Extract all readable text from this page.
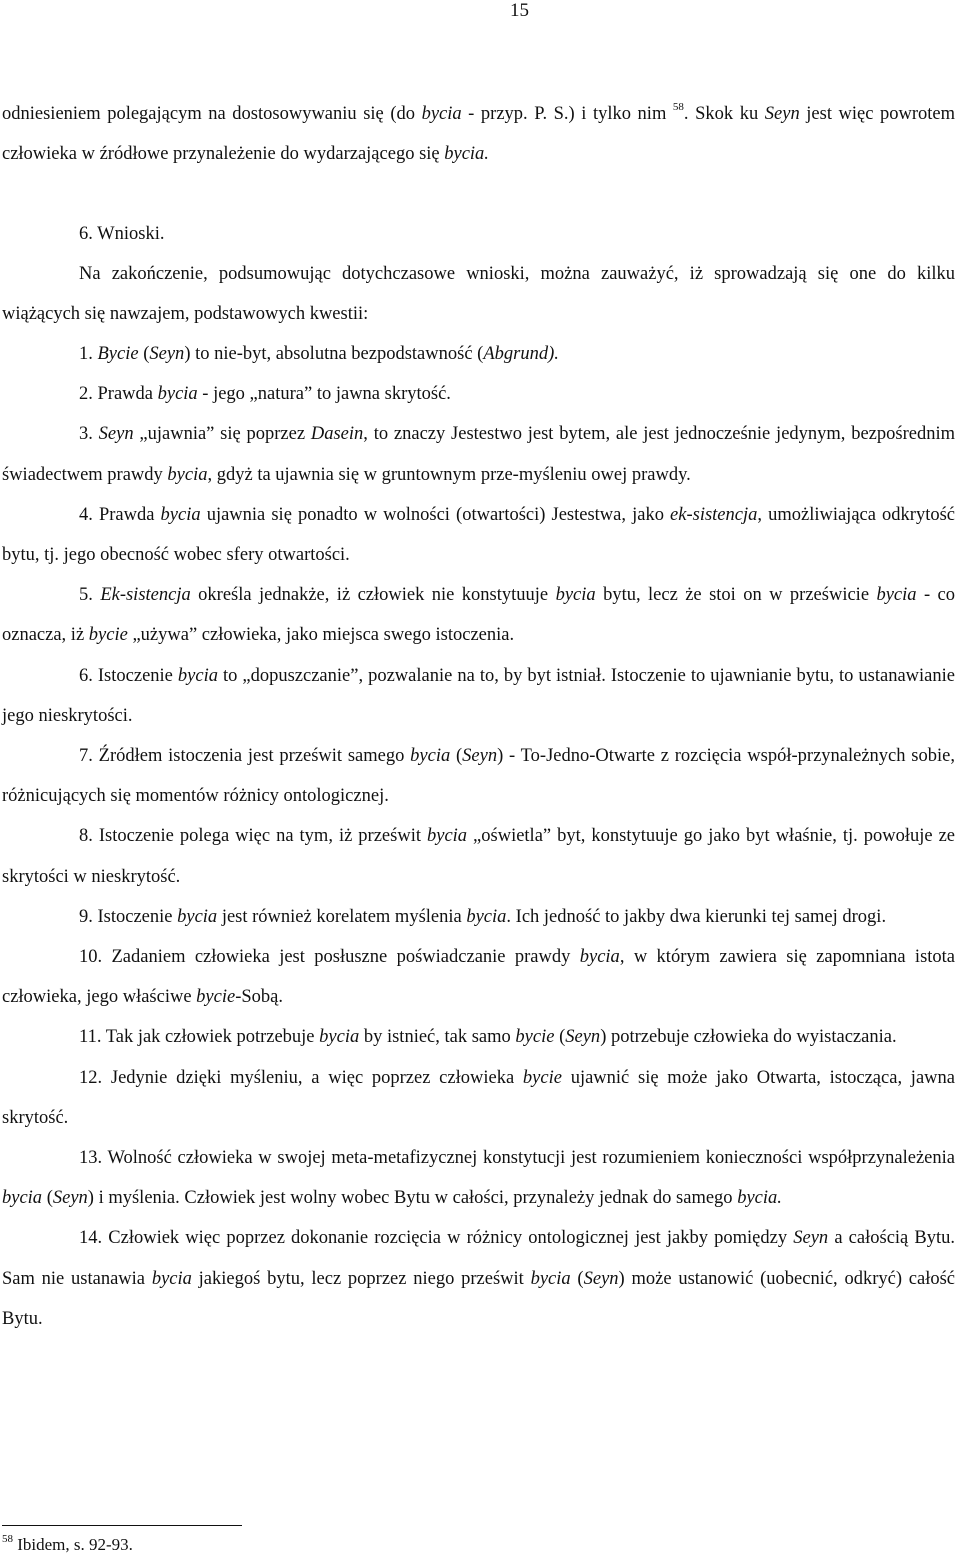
15

odniesieniem polegającym na dostosowywaniu się (do bycia - przyp. P. S.) i tylko nim $^{58}$. Skok ku Seyn jest więc powrotem człowieka w źródłowe przynależenie do wydarzającego się bycia.

6. Wnioski.

Na zakończenie, podsumowując dotychczasowe wnioski, można zauważyć, iż sprowadzają się one do kilku wiążących się nawzajem, podstawowych kwestii:

1. Bycie (Seyn) to nie-byt, absolutna bezpodstawność (Abgrund).

2. Prawda bycia - jego „natura” to jawna skrytość.

3. Seyn „ujawnia” się poprzez Dasein, to znaczy Jestestwo jest bytem, ale jest jednocześnie jedynym, bezpośrednim świadectwem prawdy bycia, gdyż ta ujawnia się w gruntownym prze-myśleniu owej prawdy.

4. Prawda bycia ujawnia się ponadto w wolności (otwartości) Jestestwa, jako ek-sistencja, umożliwiająca odkrytość bytu, tj. jego obecność wobec sfery otwartości.

5. Ek-sistencja określa jednakże, iż człowiek nie konstytuuje bycia bytu, lecz że stoi on w prześwicie bycia - co oznacza, iż bycie „używa” człowieka, jako miejsca swego istoczenia.

6. Istoczenie bycia to „dopuszczanie”, pozwalanie na to, by byt istniał. Istoczenie to ujawnianie bytu, to ustanawianie jego nieskrytości.

7. Źródłem istoczenia jest prześwit samego bycia (Seyn) - To-Jedno-Otwarte z rozcięcia współ-przynależnych sobie, różnicujących się momentów różnicy ontologicznej.

8. Istoczenie polega więc na tym, iż prześwit bycia „oświetla” byt, konstytuuje go jako byt właśnie, tj. powołuje ze skrytości w nieskrytość.

9. Istoczenie bycia jest również korelatem myślenia bycia. Ich jedność to jakby dwa kierunki tej samej drogi.

10. Zadaniem człowieka jest posłuszne poświadczanie prawdy bycia, w którym zawiera się zapomniana istota człowieka, jego właściwe bycie-Sobą.

11. Tak jak człowiek potrzebuje bycia by istnieć, tak samo bycie (Seyn) potrzebuje człowieka do wyistaczania.

12. Jedynie dzięki myśleniu, a więc poprzez człowieka bycie ujawnić się może jako Otwarta, istocząca, jawna skrytość.

13. Wolność człowieka w swojej meta-metafizycznej konstytucji jest rozumieniem konieczności współprzynależenia bycia (Seyn) i myślenia. Człowiek jest wolny wobec Bytu w całości, przynależy jednak do samego bycia.

14. Człowiek więc poprzez dokonanie rozcięcia w różnicy ontologicznej jest jakby pomiędzy Seyn a całością Bytu. Sam nie ustanawia bycia jakiegoś bytu, lecz poprzez niego prześwit bycia (Seyn) może ustanowić (uobecnić, odkryć) całość Bytu.

$^{58}$ Ibidem, s. 92-93.
